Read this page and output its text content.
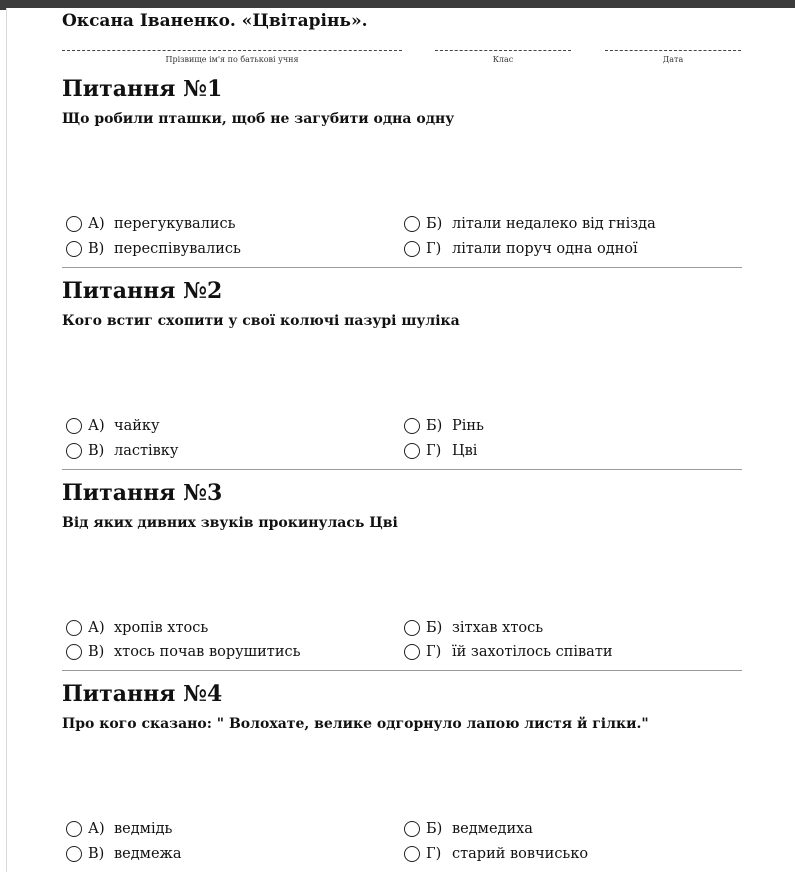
Оксана Іваненко. «Цвітарінь».
Прізвище ім'я по батькові учня	Клас	Дата
Питання №1
Що робили пташки, щоб не загубити одна одну
А) перегукувались	Б) літали недалеко від гнізда
В) переспівувались	Г) літали поруч одна одної
Питання №2
Кого встиг схопити у свої колючі пазурі шуліка
А) чайку	Б) Рінь
В) ластівку	Г) Цві
Питання №3
Від яких дивних звуків прокинулась Цві
А) хропів хтось	Б) зітхав хтось
В) хтось почав ворушитись	Г) їй захотілось співати
Питання №4
Про кого сказано: " Волохате, велике одгорнуло лапою листя й гілки."
А) ведмідь	Б) ведмедиха
В) ведмежа	Г) старий вовчисько
